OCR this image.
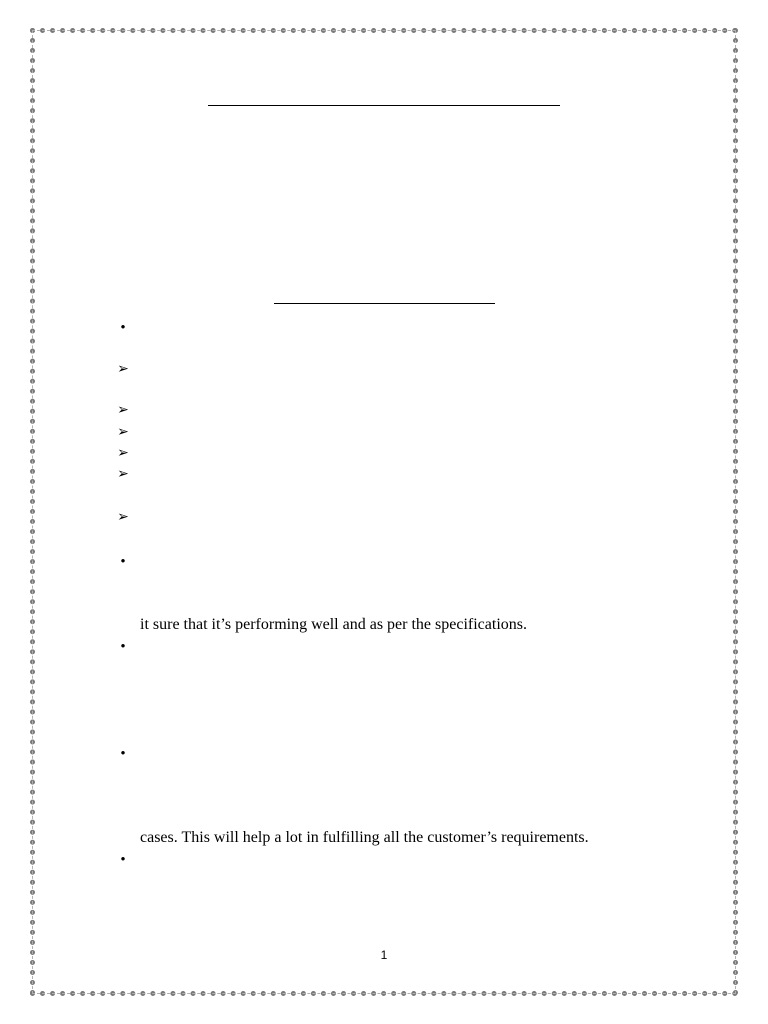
•
➢
➢
➢
➢
➢
➢
•
it sure that it’s performing well and as per the specifications.
•
•
cases. This will help a lot in fulfilling all the customer’s requirements.
•
1
